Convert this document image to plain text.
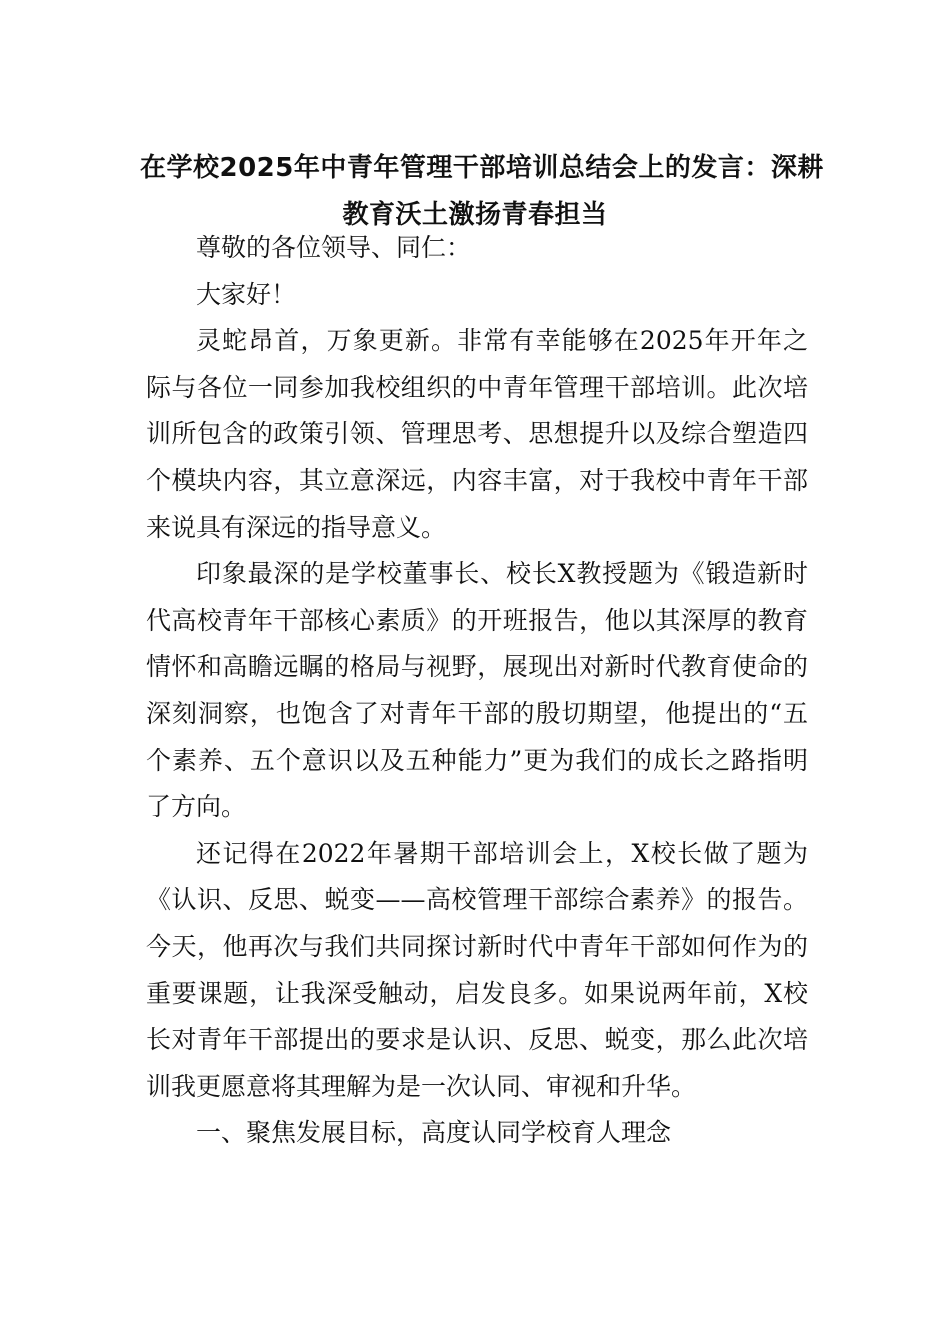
在学校2025年中青年管理干部培训总结会上的发言：深耕
教育沃土激扬青春担当

尊敬的各位领导、同仁：

大家好！

灵蛇昂首，万象更新。非常有幸能够在2025年开年之际与各位一同参加我校组织的中青年管理干部培训。此次培训所包含的政策引领、管理思考、思想提升以及综合塑造四个模块内容，其立意深远，内容丰富，对于我校中青年干部来说具有深远的指导意义。

印象最深的是学校董事长、校长X教授题为《锻造新时代高校青年干部核心素质》的开班报告，他以其深厚的教育情怀和高瞻远瞩的格局与视野，展现出对新时代教育使命的深刻洞察，也饱含了对青年干部的殷切期望，他提出的“五个素养、五个意识以及五种能力”更为我们的成长之路指明了方向。

还记得在2022年暑期干部培训会上，X校长做了题为《认识、反思、蜕变——高校管理干部综合素养》的报告。今天，他再次与我们共同探讨新时代中青年干部如何作为的重要课题，让我深受触动，启发良多。如果说两年前，X校长对青年干部提出的要求是认识、反思、蜕变，那么此次培训我更愿意将其理解为是一次认同、审视和升华。

一、聚焦发展目标，高度认同学校育人理念
